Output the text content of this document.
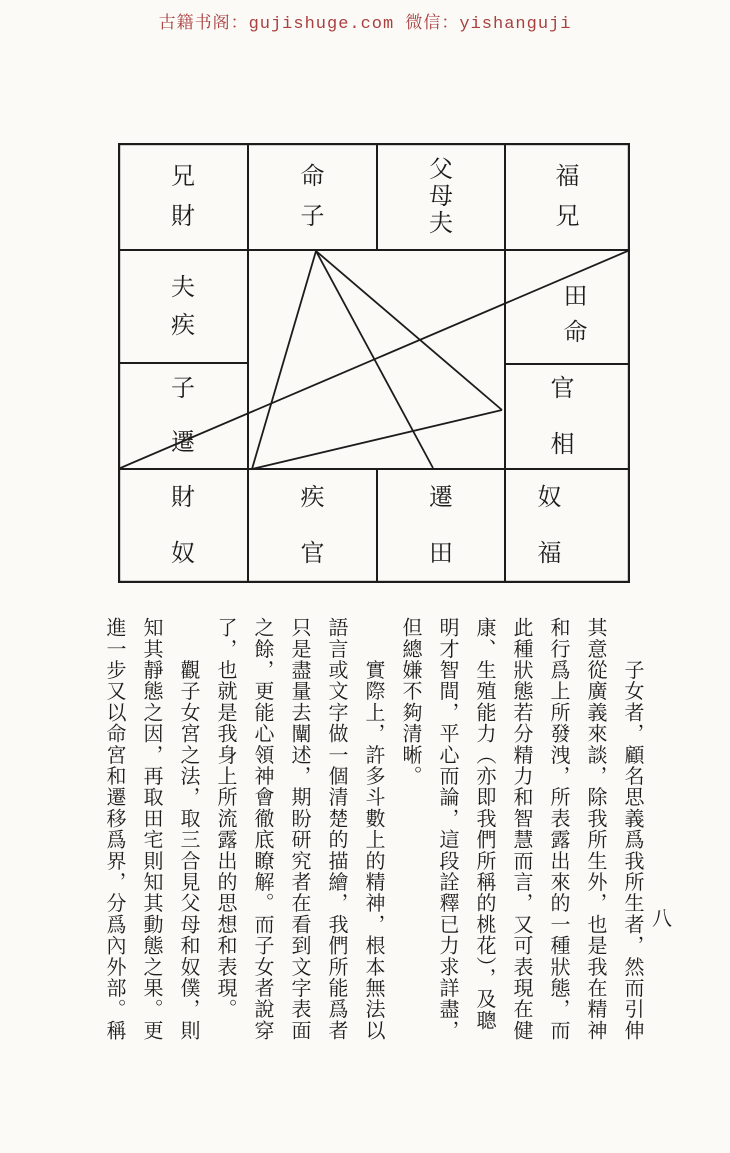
古籍书阁：gujishuge.com 微信：yishanguji
兄
財
命
子
父
母
夫
福
兄
夫
疾
田
命
子
遷
官
相
財
奴
疾
官
遷
田
奴
福
八
　　子女者，顧名思義爲我所生者，然而引伸
其意從廣義來談，除我所生外，也是我在精神
和行爲上所發洩，所表露出來的一種狀態，而
此種狀態若分精力和智慧而言，又可表現在健
康、生殖能力（亦即我們所稱的桃花），及聰
明才智間，平心而論，這段詮釋已力求詳盡，
但總嫌不夠清晰。
　　實際上，許多斗數上的精神，根本無法以
語言或文字做一個清楚的描繪，我們所能爲者
只是盡量去闡述，期盼研究者在看到文字表面
之餘，更能心領神會徹底瞭解。而子女者說穿
了，也就是我身上所流露出的思想和表現。
　　觀子女宮之法，取三合見父母和奴僕，則
知其靜態之因，再取田宅則知其動態之果。更
進一步又以命宮和遷移爲界，分爲內外部。稱
